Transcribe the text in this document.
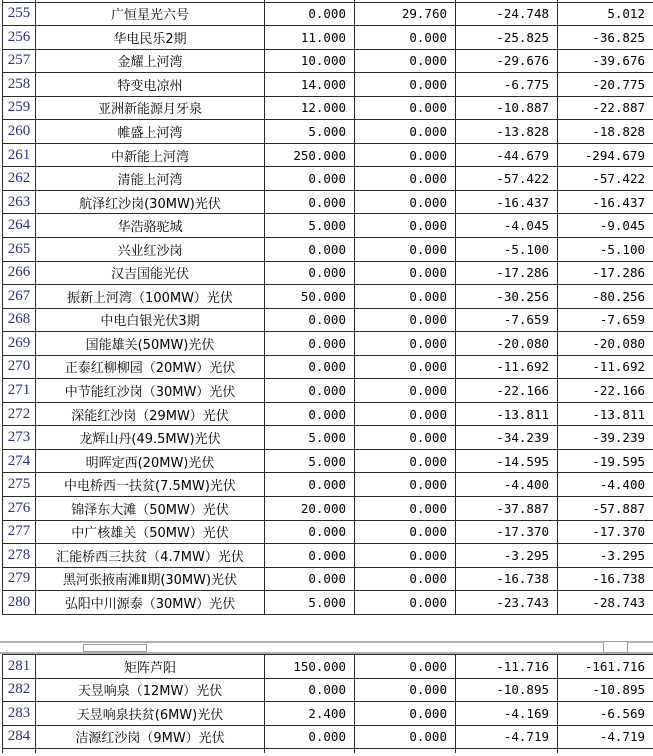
255	广恒星光六号	0.000	29.760	-24.748	5.012
256	华电民乐2期	11.000	0.000	-25.825	-36.825
257	金耀上河湾	10.000	0.000	-29.676	-39.676
258	特变电凉州	14.000	0.000	-6.775	-20.775
259	亚洲新能源月牙泉	12.000	0.000	-10.887	-22.887
260	帷盛上河湾	5.000	0.000	-13.828	-18.828
261	中新能上河湾	250.000	0.000	-44.679	-294.679
262	清能上河湾	0.000	0.000	-57.422	-57.422
263	航泽红沙岗(30MW)光伏	0.000	0.000	-16.437	-16.437
264	华浩骆驼城	5.000	0.000	-4.045	-9.045
265	兴业红沙岗	0.000	0.000	-5.100	-5.100
266	汉吉国能光伏	0.000	0.000	-17.286	-17.286
267	振新上河湾（100MW）光伏	50.000	0.000	-30.256	-80.256
268	中电白银光伏3期	0.000	0.000	-7.659	-7.659
269	国能雄关(50MW)光伏	0.000	0.000	-20.080	-20.080
270	正泰红柳柳园（20MW）光伏	0.000	0.000	-11.692	-11.692
271	中节能红沙岗（30MW）光伏	0.000	0.000	-22.166	-22.166
272	深能红沙岗（29MW）光伏	0.000	0.000	-13.811	-13.811
273	龙辉山丹(49.5MW)光伏	5.000	0.000	-34.239	-39.239
274	明晖定西(20MW)光伏	5.000	0.000	-14.595	-19.595
275	中电桥西一扶贫(7.5MW)光伏	0.000	0.000	-4.400	-4.400
276	锦泽东大滩（50MW）光伏	20.000	0.000	-37.887	-57.887
277	中广核雄关（50MW）光伏	0.000	0.000	-17.370	-17.370
278	汇能桥西三扶贫（4.7MW）光伏	0.000	0.000	-3.295	-3.295
279	黑河张掖南滩Ⅱ期(30MW)光伏	0.000	0.000	-16.738	-16.738
280	弘阳中川源泰（30MW）光伏	5.000	0.000	-23.743	-28.743
281	矩阵芦阳	150.000	0.000	-11.716	-161.716
282	天昱响泉（12MW）光伏	0.000	0.000	-10.895	-10.895
283	天昱响泉扶贫(6MW)光伏	2.400	0.000	-4.169	-6.569
284	洁源红沙岗（9MW）光伏	0.000	0.000	-4.719	-4.719
